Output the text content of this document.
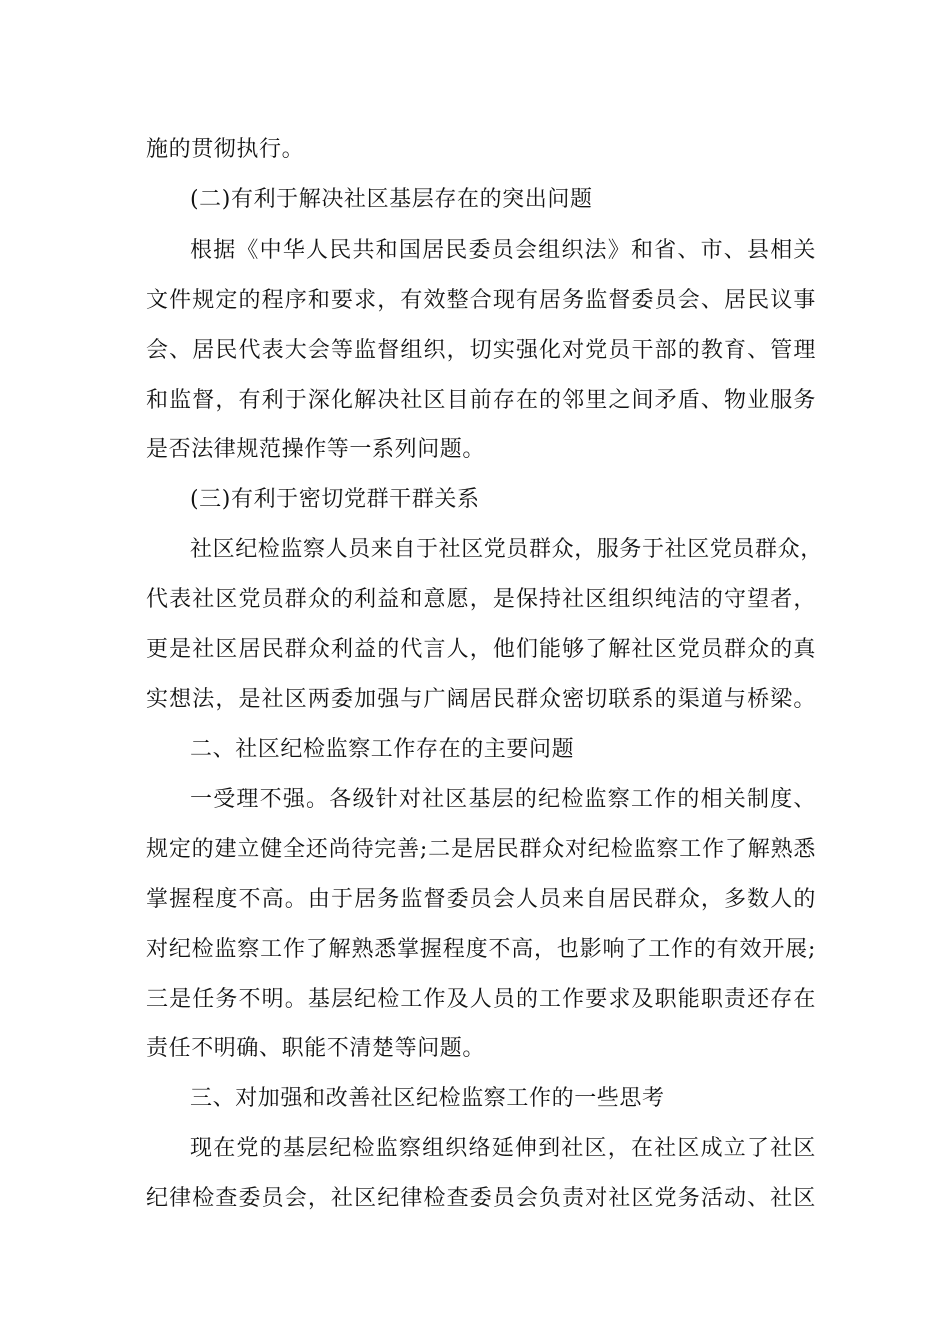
施的贯彻执行。
(二)有利于解决社区基层存在的突出问题
根据《中华人民共和国居民委员会组织法》和省、市、县相关
文件规定的程序和要求，有效整合现有居务监督委员会、居民议事
会、居民代表大会等监督组织，切实强化对党员干部的教育、管理
和监督，有利于深化解决社区目前存在的邻里之间矛盾、物业服务
是否法律规范操作等一系列问题。
(三)有利于密切党群干群关系
社区纪检监察人员来自于社区党员群众，服务于社区党员群众，
代表社区党员群众的利益和意愿，是保持社区组织纯洁的守望者，
更是社区居民群众利益的代言人，他们能够了解社区党员群众的真
实想法，是社区两委加强与广阔居民群众密切联系的渠道与桥梁。
二、社区纪检监察工作存在的主要问题
一受理不强。各级针对社区基层的纪检监察工作的相关制度、
规定的建立健全还尚待完善;二是居民群众对纪检监察工作了解熟悉
掌握程度不高。由于居务监督委员会人员来自居民群众，多数人的
对纪检监察工作了解熟悉掌握程度不高，也影响了工作的有效开展;
三是任务不明。基层纪检工作及人员的工作要求及职能职责还存在
责任不明确、职能不清楚等问题。
三、对加强和改善社区纪检监察工作的一些思考
现在党的基层纪检监察组织络延伸到社区，在社区成立了社区
纪律检查委员会，社区纪律检查委员会负责对社区党务活动、社区
